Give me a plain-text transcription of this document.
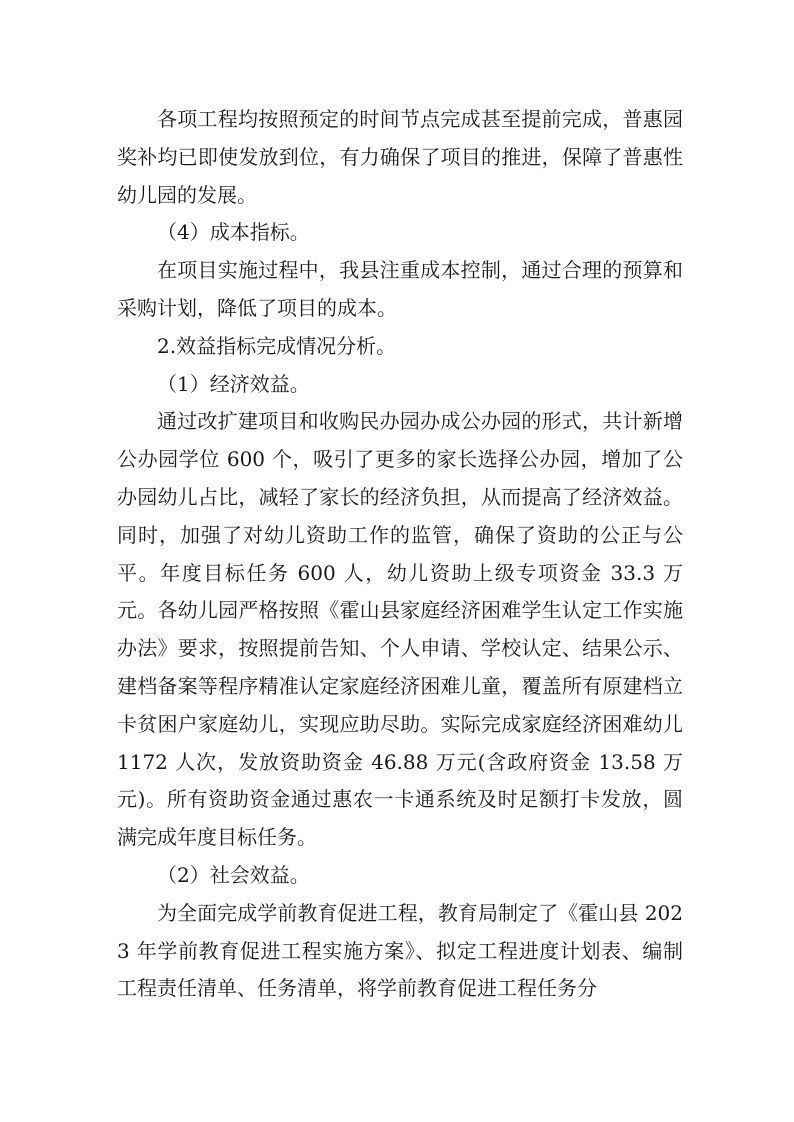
各项工程均按照预定的时间节点完成甚至提前完成，普惠园奖补均已即使发放到位，有力确保了项目的推进，保障了普惠性幼儿园的发展。

（4）成本指标。

在项目实施过程中，我县注重成本控制，通过合理的预算和采购计划，降低了项目的成本。

2.效益指标完成情况分析。

（1）经济效益。

通过改扩建项目和收购民办园办成公办园的形式，共计新增公办园学位 600 个，吸引了更多的家长选择公办园，增加了公办园幼儿占比，减轻了家长的经济负担，从而提高了经济效益。同时，加强了对幼儿资助工作的监管，确保了资助的公正与公平。年度目标任务 600 人，幼儿资助上级专项资金 33.3 万元。各幼儿园严格按照《霍山县家庭经济困难学生认定工作实施办法》要求，按照提前告知、个人申请、学校认定、结果公示、建档备案等程序精准认定家庭经济困难儿童，覆盖所有原建档立卡贫困户家庭幼儿，实现应助尽助。实际完成家庭经济困难幼儿 1172 人次，发放资助资金 46.88 万元(含政府资金 13.58 万元)。所有资助资金通过惠农一卡通系统及时足额打卡发放，圆满完成年度目标任务。

（2）社会效益。

为全面完成学前教育促进工程，教育局制定了《霍山县 2023 年学前教育促进工程实施方案》、拟定工程进度计划表、编制工程责任清单、任务清单，将学前教育促进工程任务分
